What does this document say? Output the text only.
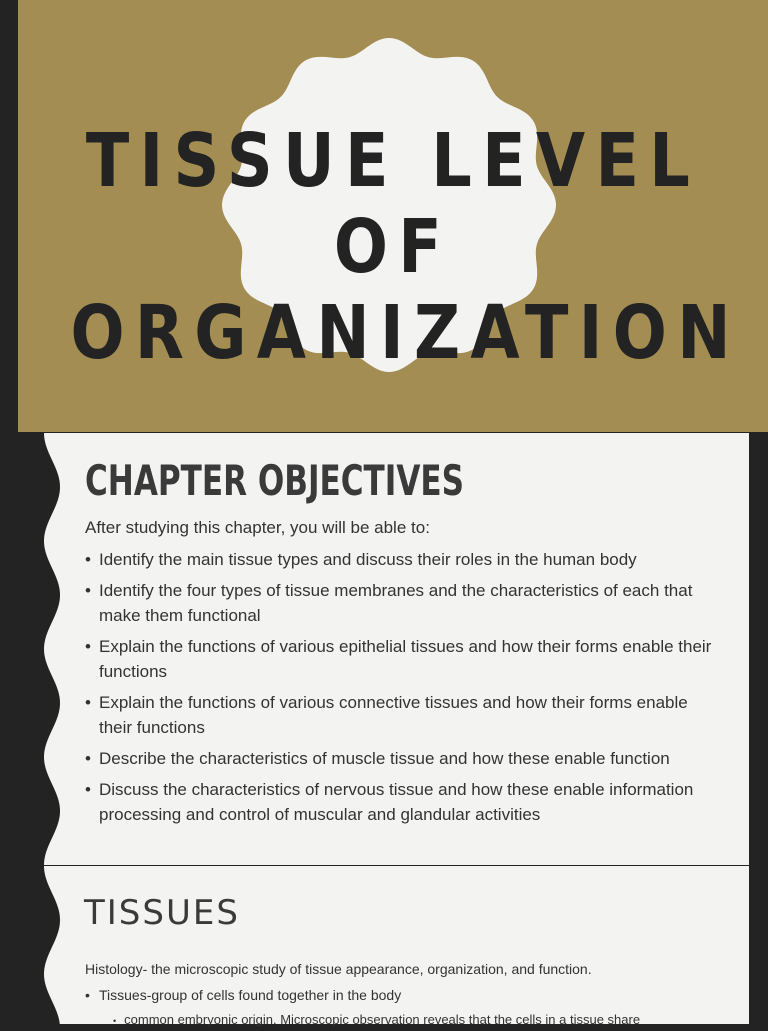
TISSUE LEVEL OF
ORGANIZATION
CHAPTER OBJECTIVES

After studying this chapter, you will be able to:

• Identify the main tissue types and discuss their roles in the human body
• Identify the four types of tissue membranes and the characteristics of each that make them functional
• Explain the functions of various epithelial tissues and how their forms enable their functions
• Explain the functions of various connective tissues and how their forms enable their functions
• Describe the characteristics of muscle tissue and how these enable function
• Discuss the characteristics of nervous tissue and how these enable information processing and control of muscular and glandular activities
TISSUES

Histology- the microscopic study of tissue appearance, organization, and function.

• Tissues-group of cells found together in the body

• common embryonic origin. Microscopic observation reveals that the cells in a tissue share
